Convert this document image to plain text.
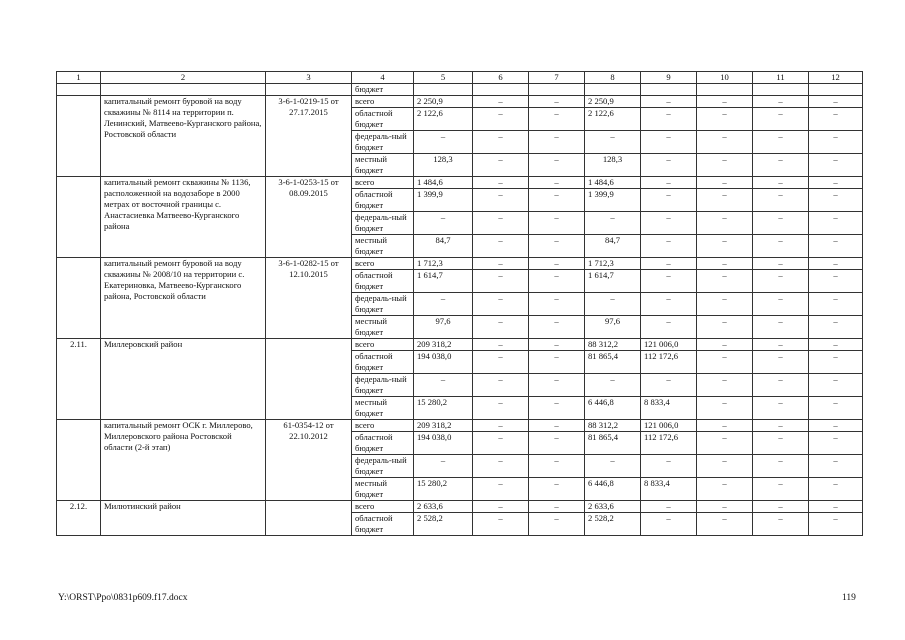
1	2	3	4	5	6	7	8	9	10	11	12
			бюджет								
	капитальный ремонт буровой на воду скважины № 8114 на территории п. Ленинский, Матвеево-Курганского района, Ростовской области	3-6-1-0219-15 от 27.17.2015	всего	2 250,9	–	–	2 250,9	–	–	–	–
			областной бюджет	2 122,6	–	–	2 122,6	–	–	–	–
			федераль-ный бюджет	–	–	–	–	–	–	–	–
			местный бюджет	128,3	–	–	128,3	–	–	–	–
	капитальный ремонт скважины № 1136, расположенной на водозаборе в 2000 метрах от восточной границы с. Анастасиевка Матвеево-Курганского района	3-6-1-0253-15 от 08.09.2015	всего	1 484,6	–	–	1 484,6	–	–	–	–
			областной бюджет	1 399,9	–	–	1 399,9	–	–	–	–
			федераль-ный бюджет	–	–	–	–	–	–	–	–
			местный бюджет	84,7	–	–	84,7	–	–	–	–
	капитальный ремонт буровой на воду скважины № 2008/10 на территории с. Екатериновка, Матвеево-Курганского района, Ростовской области	3-6-1-0282-15 от 12.10.2015	всего	1 712,3	–	–	1 712,3	–	–	–	–
			областной бюджет	1 614,7	–	–	1 614,7	–	–	–	–
			федераль-ный бюджет	–	–	–	–	–	–	–	–
			местный бюджет	97,6	–	–	97,6	–	–	–	–
2.11.	Миллеровский район		всего	209 318,2	–	–	88 312,2	121 006,0	–	–	–
			областной бюджет	194 038,0	–	–	81 865,4	112 172,6	–	–	–
			федераль-ный бюджет	–	–	–	–	–	–	–	–
			местный бюджет	15 280,2	–	–	6 446,8	8 833,4	–	–	–
	капитальный ремонт ОСК г. Миллерово, Миллеровского района Ростовской области (2-й этап)	61-0354-12 от 22.10.2012	всего	209 318,2	–	–	88 312,2	121 006,0	–	–	–
			областной бюджет	194 038,0	–	–	81 865,4	112 172,6	–	–	–
			федераль-ный бюджет	–	–	–	–	–	–	–	–
			местный бюджет	15 280,2	–	–	6 446,8	8 833,4	–	–	–
2.12.	Милютинский район		всего	2 633,6	–	–	2 633,6	–	–	–	–
			областной бюджет	2 528,2	–	–	2 528,2	–	–	–	–
Y:\ORST\Ppo\0831p609.f17.docx	119
